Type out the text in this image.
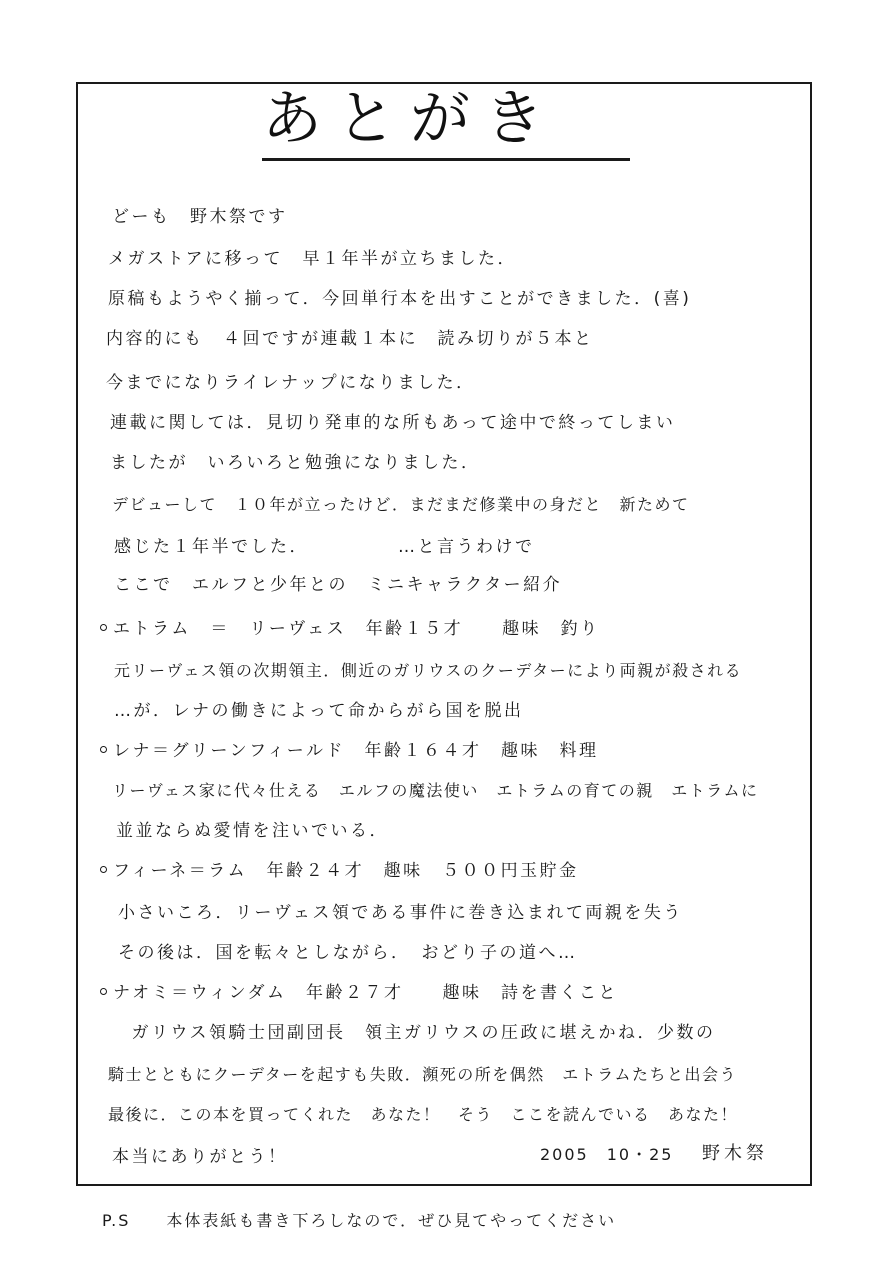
あとがき
どーも　野木祭です
メガストアに移って　早１年半が立ちました．
原稿もようやく揃って．今回単行本を出すことができました．(喜)
内容的にも　４回ですが連載１本に　読み切りが５本と
今までになりライレナップになりました．
連載に関しては．見切り発車的な所もあって途中で終ってしまい
ましたが　いろいろと勉強になりました．
デビューして　１０年が立ったけど．まだまだ修業中の身だと　新ためて
感じた１年半でした．　　　　　…と言うわけで
ここで　エルフと少年との　ミニキャラクター紹介
エトラム　＝　リーヴェス　年齢１５才　　趣味　釣り
元リーヴェス領の次期領主．側近のガリウスのクーデターにより両親が殺される
…が．レナの働きによって命からがら国を脱出
レナ＝グリーンフィールド　年齢１６４才　趣味　料理
リーヴェス家に代々仕える　エルフの魔法使い　エトラムの育ての親　エトラムに
並並ならぬ愛情を注いでいる．
フィーネ＝ラム　年齢２４才　趣味　５００円玉貯金
小さいころ．リーヴェス領である事件に巻き込まれて両親を失う
その後は．国を転々としながら．　おどり子の道へ…
ナオミ＝ウィンダム　年齢２７才　　趣味　詩を書くこと
　ガリウス領騎士団副団長　領主ガリウスの圧政に堪えかね．少数の
騎士とともにクーデターを起すも失敗．瀕死の所を偶然　エトラムたちと出会う
最後に．この本を買ってくれた　あなた！　そう　ここを読んでいる　あなた！
本当にありがとう！	2005　10・25 野木祭
P.S　　本体表紙も書き下ろしなので．ぜひ見てやってください
